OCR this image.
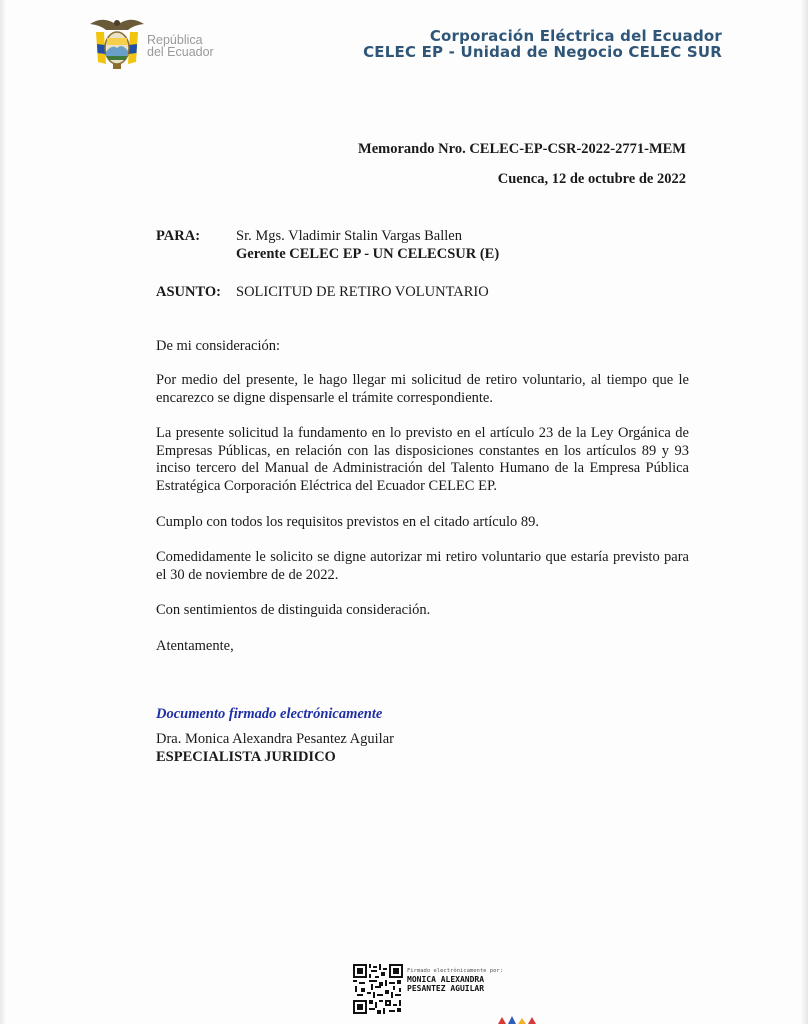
República
del Ecuador
Corporación Eléctrica del Ecuador
CELEC EP - Unidad de Negocio CELEC SUR
Memorando Nro. CELEC-EP-CSR-2022-2771-MEM
Cuenca, 12 de octubre de 2022
PARA: Sr. Mgs. Vladimir Stalin Vargas Ballen
Gerente CELEC EP - UN CELECSUR (E)
ASUNTO: SOLICITUD DE RETIRO VOLUNTARIO

De mi consideración:

Por medio del presente, le hago llegar mi solicitud de retiro voluntario, al tiempo que le encarezco se digne dispensarle el trámite correspondiente.

La presente solicitud la fundamento en lo previsto en el artículo 23 de la Ley Orgánica de Empresas Públicas, en relación con las disposiciones constantes en los artículos 89 y 93 inciso tercero del Manual de Administración del Talento Humano de la Empresa Pública Estratégica Corporación Eléctrica del Ecuador CELEC EP.

Cumplo con todos los requisitos previstos en el citado artículo 89.

Comedidamente le solicito se digne autorizar mi retiro voluntario que estaría previsto para el 30 de noviembre de de 2022.

Con sentimientos de distinguida consideración.

Atentamente,

Documento firmado electrónicamente
Dra. Monica Alexandra Pesantez Aguilar
ESPECIALISTA JURIDICO
Firmado electrónicamente por:
MONICA ALEXANDRA
PESANTEZ AGUILAR
